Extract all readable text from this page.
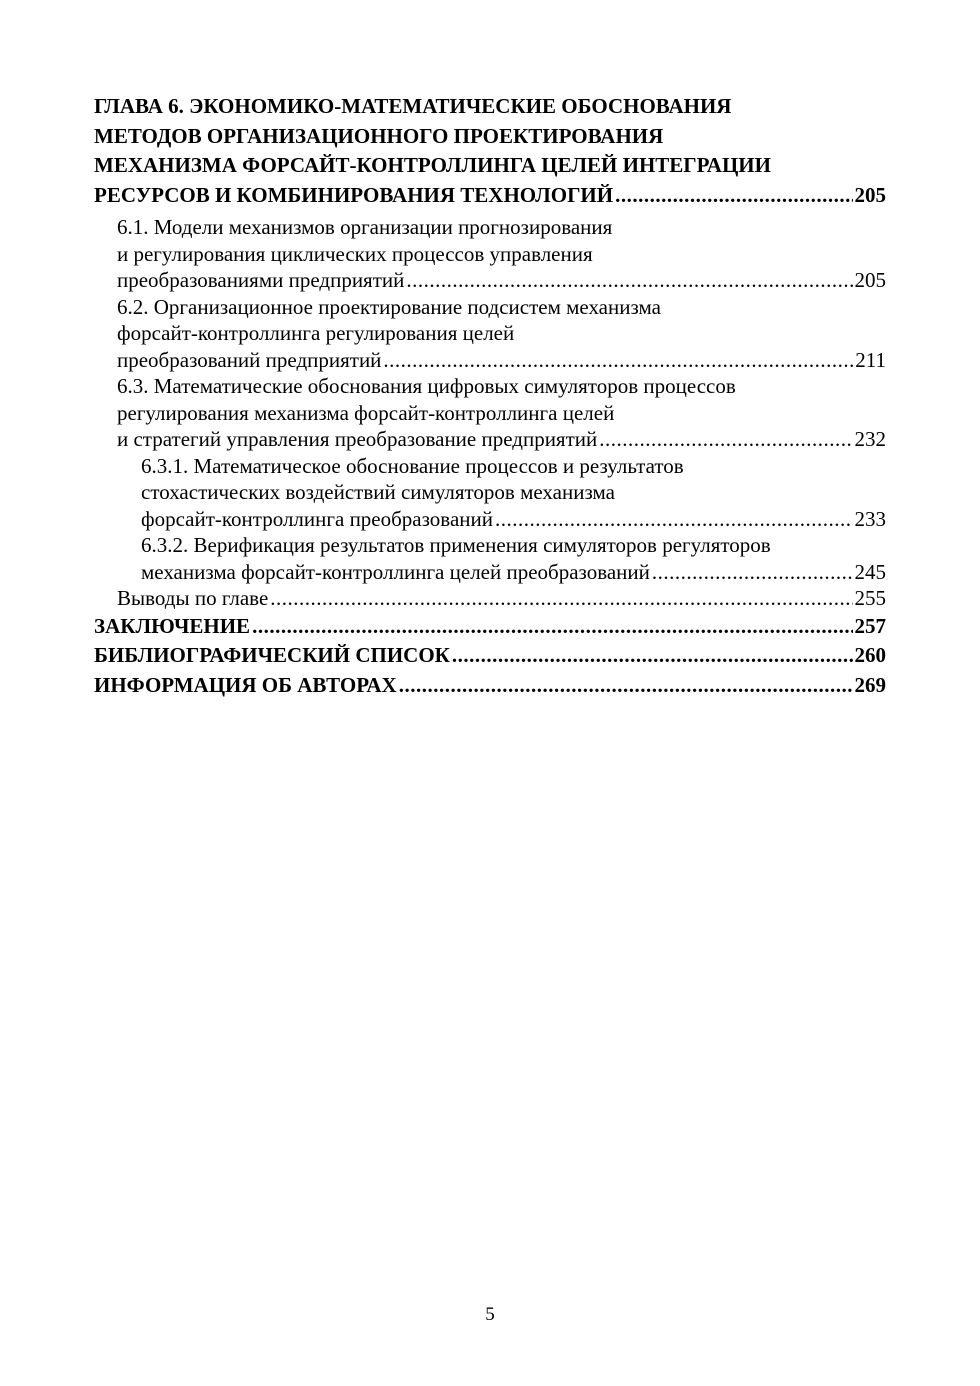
ГЛАВА 6. ЭКОНОМИКО-МАТЕМАТИЧЕСКИЕ ОБОСНОВАНИЯ
МЕТОДОВ ОРГАНИЗАЦИОННОГО ПРОЕКТИРОВАНИЯ
МЕХАНИЗМА ФОРСАЙТ-КОНТРОЛЛИНГА ЦЕЛЕЙ ИНТЕГРАЦИИ
РЕСУРСОВ И КОМБИНИРОВАНИЯ ТЕХНОЛОГИЙ .....	205
6.1. Модели механизмов организации прогнозирования
и регулирования циклических процессов управления
преобразованиями предприятий .....	205
6.2. Организационное проектирование подсистем механизма
форсайт-контроллинга регулирования целей
преобразований предприятий .....	211
6.3. Математические обоснования цифровых симуляторов процессов
регулирования механизма форсайт-контроллинга целей
и стратегий управления преобразование предприятий .....	232
6.3.1. Математическое обоснование процессов и результатов
стохастических воздействий симуляторов механизма
форсайт-контроллинга преобразований .....	233
6.3.2. Верификация результатов применения симуляторов регуляторов
механизма форсайт-контроллинга целей преобразований .....	245
Выводы по главе .....	255
ЗАКЛЮЧЕНИЕ .....	257
БИБЛИОГРАФИЧЕСКИЙ СПИСОК .....	260
ИНФОРМАЦИЯ ОБ АВТОРАХ .....	269
5
